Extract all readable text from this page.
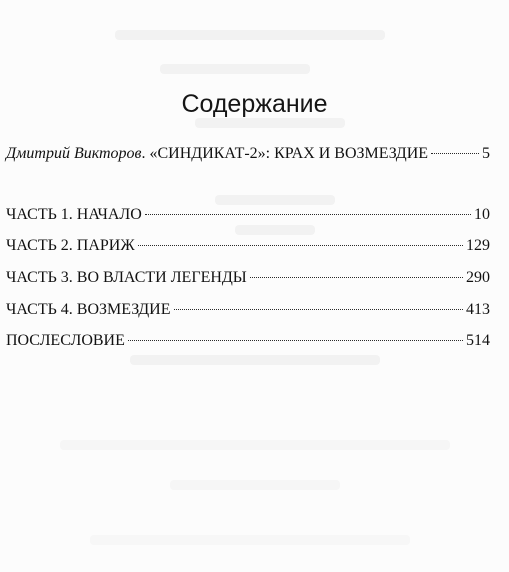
Содержание
Дмитрий Викторов. «СИНДИКАТ-2»: КРАХ И ВОЗМЕЗДИЕ	5
ЧАСТЬ 1. НАЧАЛО	10
ЧАСТЬ 2. ПАРИЖ	129
ЧАСТЬ 3. ВО ВЛАСТИ ЛЕГЕНДЫ	290
ЧАСТЬ 4. ВОЗМЕЗДИЕ	413
ПОСЛЕСЛОВИЕ	514
